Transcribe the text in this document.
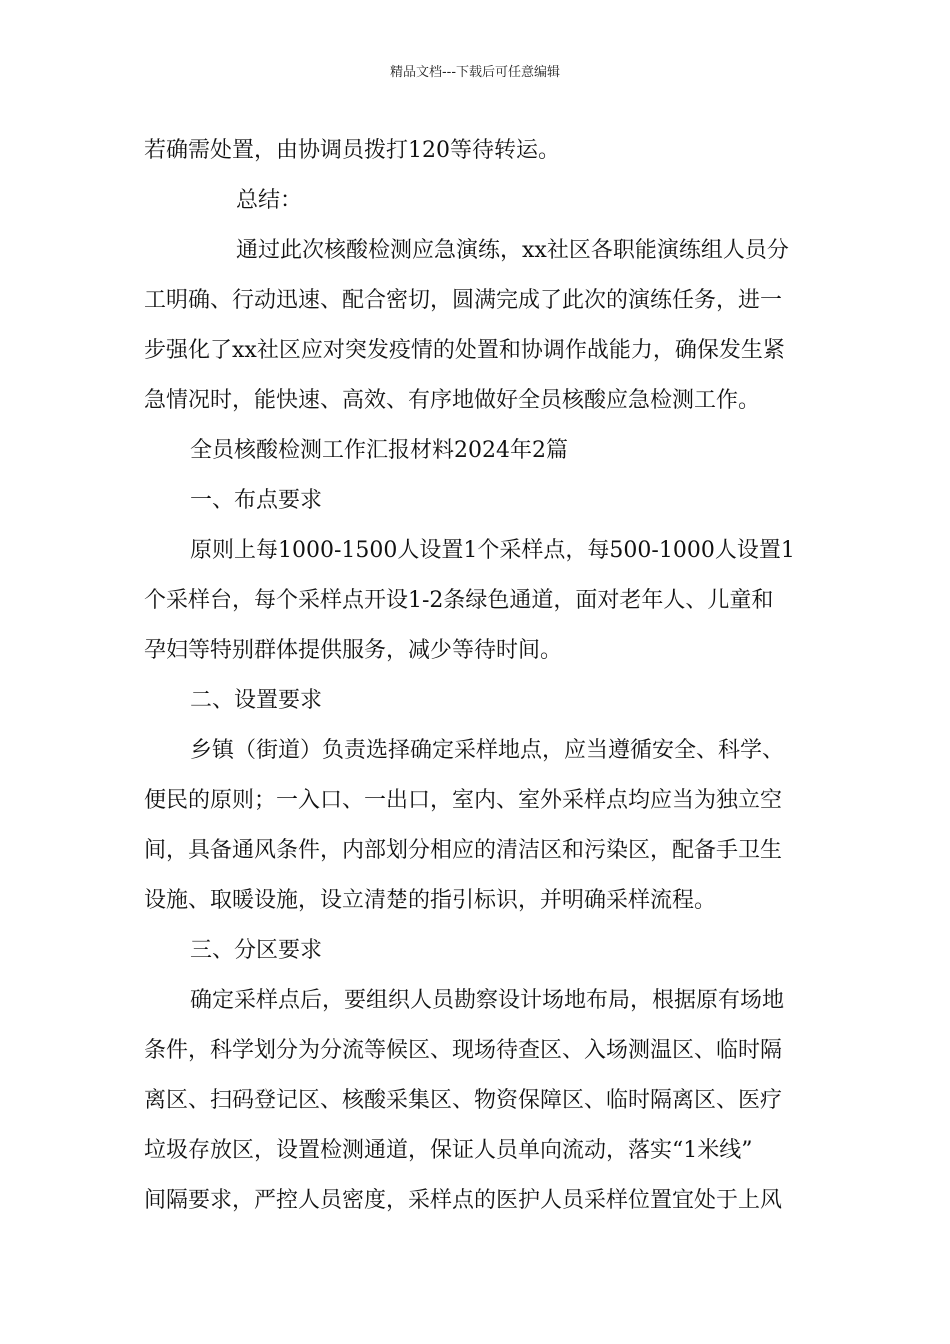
精品文档---下载后可任意编辑
若确需处置，由协调员拨打120等待转运。
总结：
通过此次核酸检测应急演练，xx社区各职能演练组人员分
工明确、行动迅速、配合密切，圆满完成了此次的演练任务，进一
步强化了xx社区应对突发疫情的处置和协调作战能力，确保发生紧
急情况时，能快速、高效、有序地做好全员核酸应急检测工作。
全员核酸检测工作汇报材料2024年2篇
一、布点要求
原则上每1000-1500人设置1个采样点，每500-1000人设置1
个采样台，每个采样点开设1-2条绿色通道，面对老年人、儿童和
孕妇等特别群体提供服务，减少等待时间。
二、设置要求
乡镇（街道）负责选择确定采样地点，应当遵循安全、科学、
便民的原则；一入口、一出口，室内、室外采样点均应当为独立空
间，具备通风条件，内部划分相应的清洁区和污染区，配备手卫生
设施、取暖设施，设立清楚的指引标识，并明确采样流程。
三、分区要求
确定采样点后，要组织人员勘察设计场地布局，根据原有场地
条件，科学划分为分流等候区、现场待查区、入场测温区、临时隔
离区、扫码登记区、核酸采集区、物资保障区、临时隔离区、医疗
垃圾存放区，设置检测通道，保证人员单向流动，落实“1米线”
间隔要求，严控人员密度，采样点的医护人员采样位置宜处于上风
